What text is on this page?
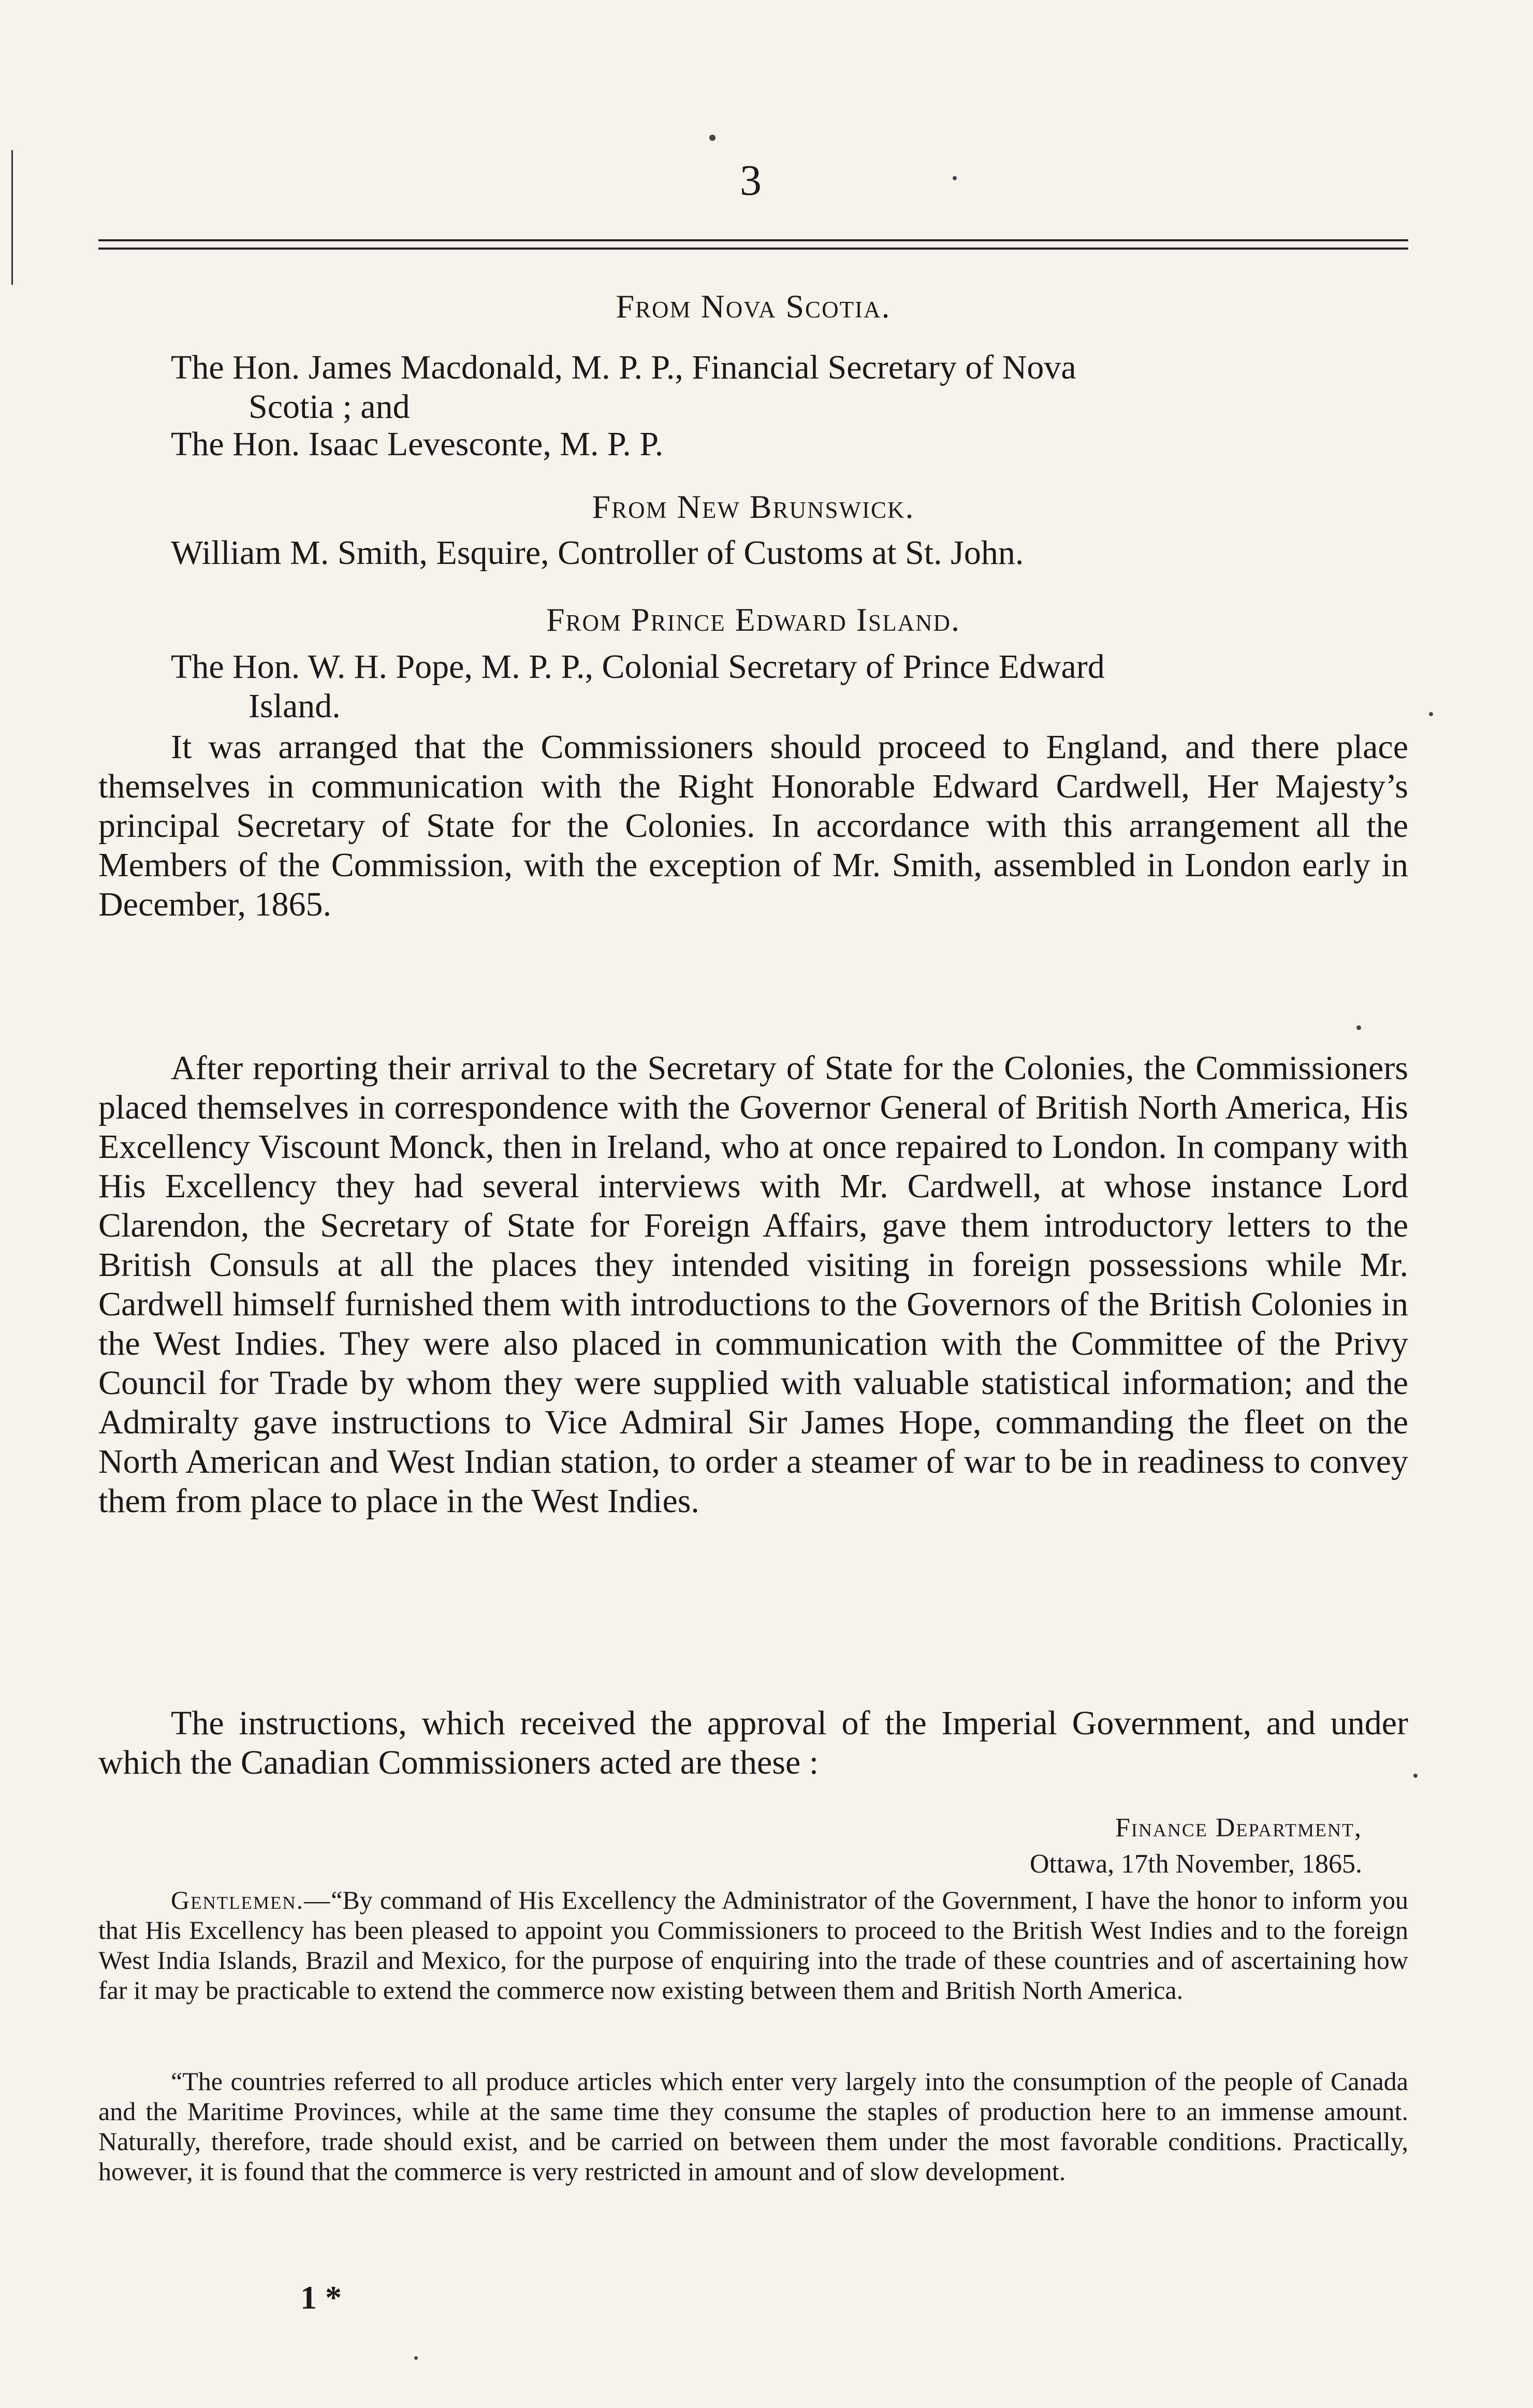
3
From Nova Scotia.
The Hon. James Macdonald, M. P. P., Financial Secretary of Nova
Scotia ; and
The Hon. Isaac Levesconte, M. P. P.
From New Brunswick.
William M. Smith, Esquire, Controller of Customs at St. John.
From Prince Edward Island.
The Hon. W. H. Pope, M. P. P., Colonial Secretary of Prince Edward
Island.
It was arranged that the Commissioners should proceed to England, and there place themselves in communication with the Right Honorable Edward Cardwell, Her Majesty’s principal Secretary of State for the Colonies. In accordance with this arrangement all the Members of the Commission, with the exception of Mr. Smith, assembled in London early in December, 1865.
After reporting their arrival to the Secretary of State for the Colonies, the Commissioners placed themselves in correspondence with the Governor General of British North America, His Excellency Viscount Monck, then in Ireland, who at once repaired to London. In company with His Excellency they had several interviews with Mr. Cardwell, at whose instance Lord Clarendon, the Secretary of State for Foreign Affairs, gave them introductory letters to the British Consuls at all the places they intended visiting in foreign possessions while Mr. Cardwell himself furnished them with introductions to the Governors of the British Colonies in the West Indies. They were also placed in communication with the Committee of the Privy Council for Trade by whom they were supplied with valuable statistical information; and the Admiralty gave instructions to Vice Admiral Sir James Hope, commanding the fleet on the North American and West Indian station, to order a steamer of war to be in readiness to convey them from place to place in the West Indies.
The instructions, which received the approval of the Imperial Government, and under which the Canadian Commissioners acted are these :
Finance Department,
Ottawa, 17th November, 1865.
Gentlemen.—“By command of His Excellency the Administrator of the Government, I have the honor to inform you that His Excellency has been pleased to appoint you Commissioners to proceed to the British West Indies and to the foreign West India Islands, Brazil and Mexico, for the purpose of enquiring into the trade of these countries and of ascertaining how far it may be practicable to extend the commerce now existing between them and British North America.
“The countries referred to all produce articles which enter very largely into the consumption of the people of Canada and the Maritime Provinces, while at the same time they consume the staples of production here to an immense amount. Naturally, therefore, trade should exist, and be carried on between them under the most favorable conditions. Practically, however, it is found that the commerce is very restricted in amount and of slow development.
1 *
